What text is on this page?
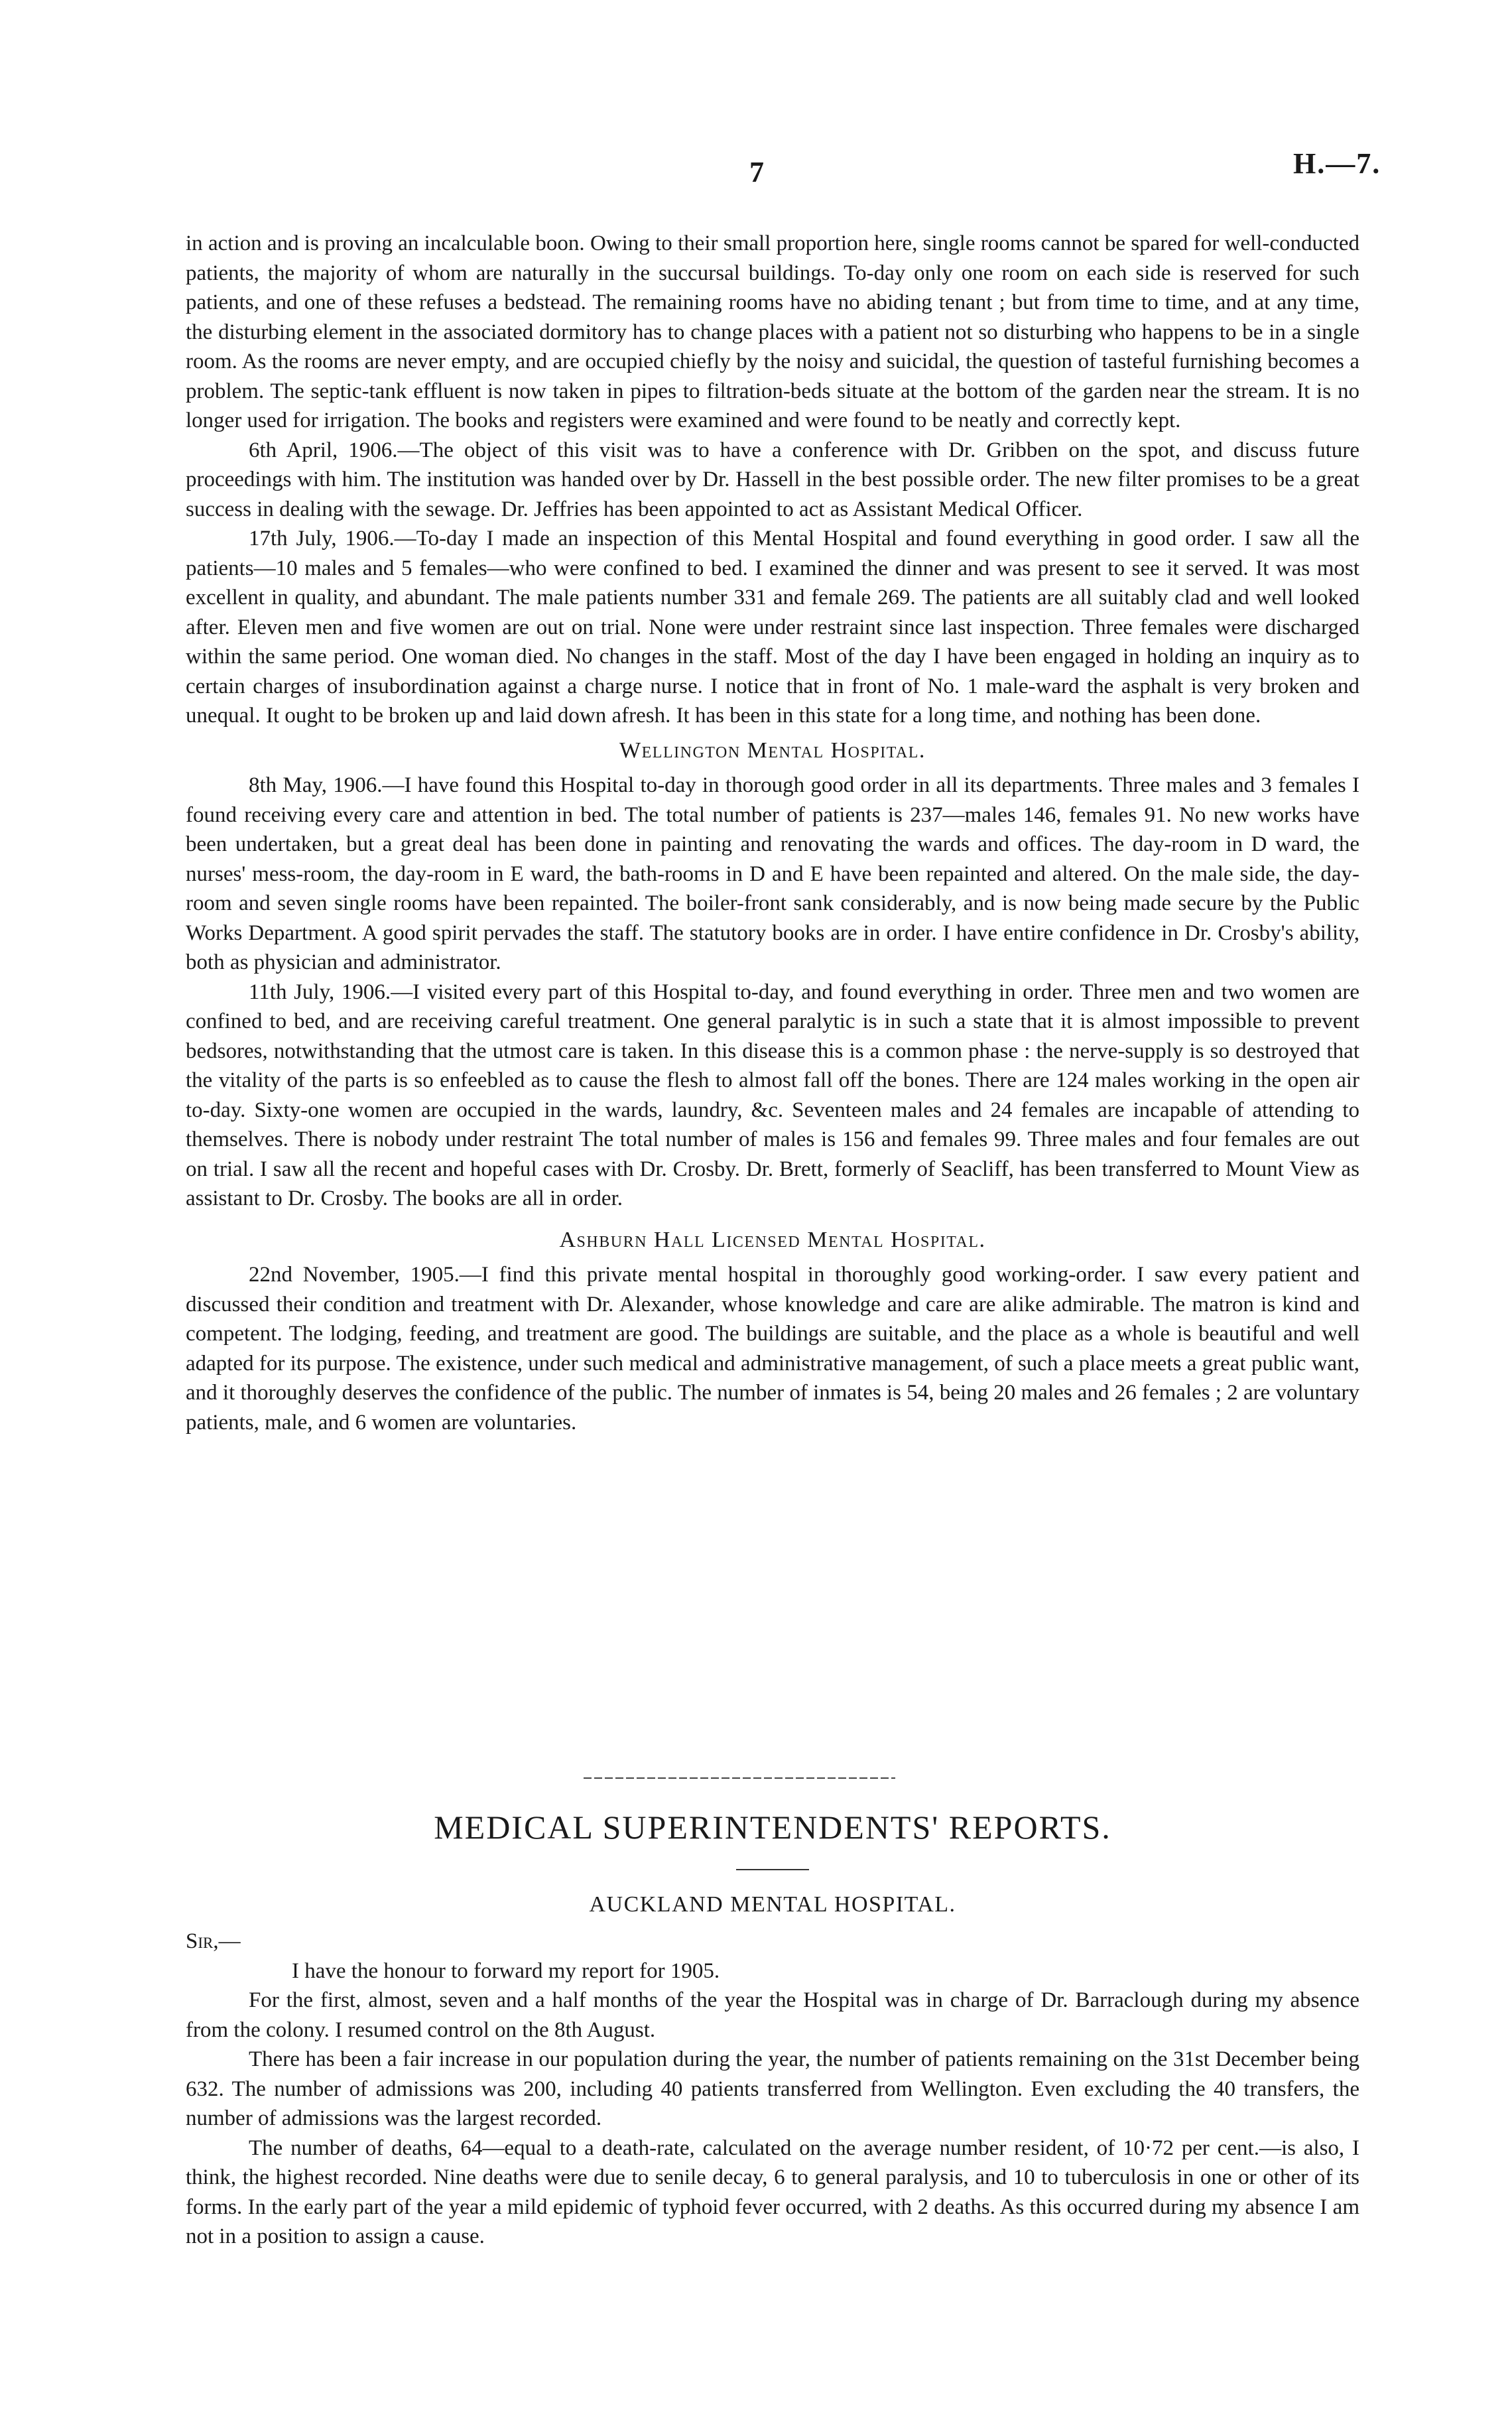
7	H.—7.

in action and is proving an incalculable boon. Owing to their small proportion here, single rooms cannot be spared for well-conducted patients, the majority of whom are naturally in the succursal buildings. To-day only one room on each side is reserved for such patients, and one of these refuses a bedstead. The remaining rooms have no abiding tenant ; but from time to time, and at any time, the disturbing element in the associated dormitory has to change places with a patient not so disturbing who happens to be in a single room. As the rooms are never empty, and are occupied chiefly by the noisy and suicidal, the question of tasteful furnishing becomes a problem. The septic-tank effluent is now taken in pipes to filtration-beds situate at the bottom of the garden near the stream. It is no longer used for irrigation. The books and registers were examined and were found to be neatly and correctly kept.

6th April, 1906.—The object of this visit was to have a conference with Dr. Gribben on the spot, and discuss future proceedings with him. The institution was handed over by Dr. Hassell in the best possible order. The new filter promises to be a great success in dealing with the sewage. Dr. Jeffries has been appointed to act as Assistant Medical Officer.

17th July, 1906.—To-day I made an inspection of this Mental Hospital and found everything in good order. I saw all the patients—10 males and 5 females—who were confined to bed. I examined the dinner and was present to see it served. It was most excellent in quality, and abundant. The male patients number 331 and female 269. The patients are all suitably clad and well looked after. Eleven men and five women are out on trial. None were under restraint since last inspection. Three females were discharged within the same period. One woman died. No changes in the staff. Most of the day I have been engaged in holding an inquiry as to certain charges of insubordination against a charge nurse. I notice that in front of No. 1 male-ward the asphalt is very broken and unequal. It ought to be broken up and laid down afresh. It has been in this state for a long time, and nothing has been done.

Wellington Mental Hospital.

8th May, 1906.—I have found this Hospital to-day in thorough good order in all its departments. Three males and 3 females I found receiving every care and attention in bed. The total number of patients is 237—males 146, females 91. No new works have been undertaken, but a great deal has been done in painting and renovating the wards and offices. The day-room in D ward, the nurses' mess-room, the day-room in E ward, the bath-rooms in D and E have been repainted and altered. On the male side, the day-room and seven single rooms have been repainted. The boiler-front sank considerably, and is now being made secure by the Public Works Department. A good spirit pervades the staff. The statutory books are in order. I have entire confidence in Dr. Crosby's ability, both as physician and administrator.

11th July, 1906.—I visited every part of this Hospital to-day, and found everything in order. Three men and two women are confined to bed, and are receiving careful treatment. One general paralytic is in such a state that it is almost impossible to prevent bedsores, notwithstanding that the utmost care is taken. In this disease this is a common phase : the nerve-supply is so destroyed that the vitality of the parts is so enfeebled as to cause the flesh to almost fall off the bones. There are 124 males working in the open air to-day. Sixty-one women are occupied in the wards, laundry, &c. Seventeen males and 24 females are incapable of attending to themselves. There is nobody under restraint The total number of males is 156 and females 99. Three males and four females are out on trial. I saw all the recent and hopeful cases with Dr. Crosby. Dr. Brett, formerly of Seacliff, has been transferred to Mount View as assistant to Dr. Crosby. The books are all in order.

Ashburn Hall Licensed Mental Hospital.

22nd November, 1905.—I find this private mental hospital in thoroughly good working-order. I saw every patient and discussed their condition and treatment with Dr. Alexander, whose knowledge and care are alike admirable. The matron is kind and competent. The lodging, feeding, and treatment are good. The buildings are suitable, and the place as a whole is beautiful and well adapted for its purpose. The existence, under such medical and administrative management, of such a place meets a great public want, and it thoroughly deserves the confidence of the public. The number of inmates is 54, being 20 males and 26 females ; 2 are voluntary patients, male, and 6 women are voluntaries.

MEDICAL SUPERINTENDENTS' REPORTS.
AUCKLAND MENTAL HOSPITAL.

Sir,—

I have the honour to forward my report for 1905.

For the first, almost, seven and a half months of the year the Hospital was in charge of Dr. Barraclough during my absence from the colony. I resumed control on the 8th August.

There has been a fair increase in our population during the year, the number of patients remaining on the 31st December being 632. The number of admissions was 200, including 40 patients transferred from Wellington. Even excluding the 40 transfers, the number of admissions was the largest recorded.

The number of deaths, 64—equal to a death-rate, calculated on the average number resident, of 10·72 per cent.—is also, I think, the highest recorded. Nine deaths were due to senile decay, 6 to general paralysis, and 10 to tuberculosis in one or other of its forms. In the early part of the year a mild epidemic of typhoid fever occurred, with 2 deaths. As this occurred during my absence I am not in a position to assign a cause.
